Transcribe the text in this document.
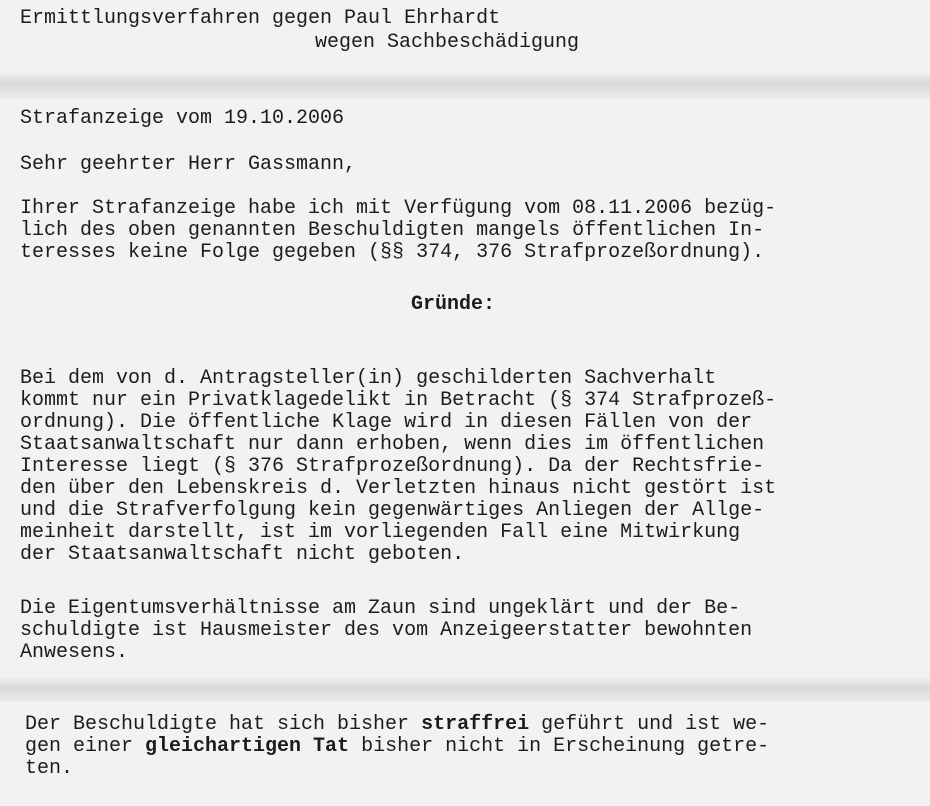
Ermittlungsverfahren gegen Paul Ehrhardt
wegen Sachbeschädigung
Strafanzeige vom 19.10.2006
Sehr geehrter Herr Gassmann,
Ihrer Strafanzeige habe ich mit Verfügung vom 08.11.2006 bezüg-
lich des oben genannten Beschuldigten mangels öffentlichen In-
teresses keine Folge gegeben (§§ 374, 376 Strafprozeßordnung).
Gründe:
Bei dem von d. Antragsteller(in) geschilderten Sachverhalt
kommt nur ein Privatklagedelikt in Betracht (§ 374 Strafprozeß-
ordnung). Die öffentliche Klage wird in diesen Fällen von der
Staatsanwaltschaft nur dann erhoben, wenn dies im öffentlichen
Interesse liegt (§ 376 Strafprozeßordnung). Da der Rechtsfrie-
den über den Lebenskreis d. Verletzten hinaus nicht gestört ist
und die Strafverfolgung kein gegenwärtiges Anliegen der Allge-
meinheit darstellt, ist im vorliegenden Fall eine Mitwirkung
der Staatsanwaltschaft nicht geboten.
Die Eigentumsverhältnisse am Zaun sind ungeklärt und der Be-
schuldigte ist Hausmeister des vom Anzeigeerstatter bewohnten
Anwesens.
Der Beschuldigte hat sich bisher straffrei geführt und ist we-
gen einer gleichartigen Tat bisher nicht in Erscheinung getre-
ten.
